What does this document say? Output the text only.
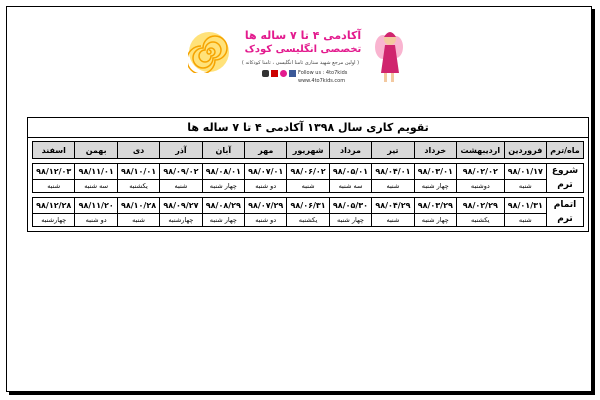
آکادمی ۴ تا ۷ ساله ها
تخصصی انگلیسی کودک
( اولین مرجع شهید ستاری ثامنا انگلیسی ، ثامنا کودکانه )
Follow us : 4to7kids
www.4to7kids.com
تقویم کاری سال ۱۳۹۸ آکادمی ۴ تا ۷ ساله ها
ماه/ترم	فروردین	اردیبهشت	خرداد	تیر	مرداد	شهریور	مهر	آبان	آذر	دی	بهمن	اسفند

شروع ترم	۹۸/۰۱/۱۷	۹۸/۰۲/۰۲	۹۸/۰۳/۰۱	۹۸/۰۴/۰۱	۹۸/۰۵/۰۱	۹۸/۰۶/۰۲	۹۸/۰۷/۰۱	۹۸/۰۸/۰۱	۹۸/۰۹/۰۲	۹۸/۱۰/۰۱	۹۸/۱۱/۰۱	۹۸/۱۲/۰۳
	شنبه	دوشنبه	چهار شنبه	شنبه	سه شنبه	شنبه	دو شنبه	چهار شنبه	شنبه	یکشنبه	سه شنبه	شنبه

اتمام ترم	۹۸/۰۱/۳۱	۹۸/۰۲/۲۹	۹۸/۰۳/۲۹	۹۸/۰۴/۲۹	۹۸/۰۵/۳۰	۹۸/۰۶/۳۱	۹۸/۰۷/۲۹	۹۸/۰۸/۲۹	۹۸/۰۹/۲۷	۹۸/۱۰/۲۸	۹۸/۱۱/۲۰	۹۸/۱۲/۲۸
	شنبه	یکشنبه	چهار شنبه	شنبه	چهار شنبه	یکشنبه	دو شنبه	چهار شنبه	چهارشنبه	شنبه	دو شنبه	چهارشنبه
